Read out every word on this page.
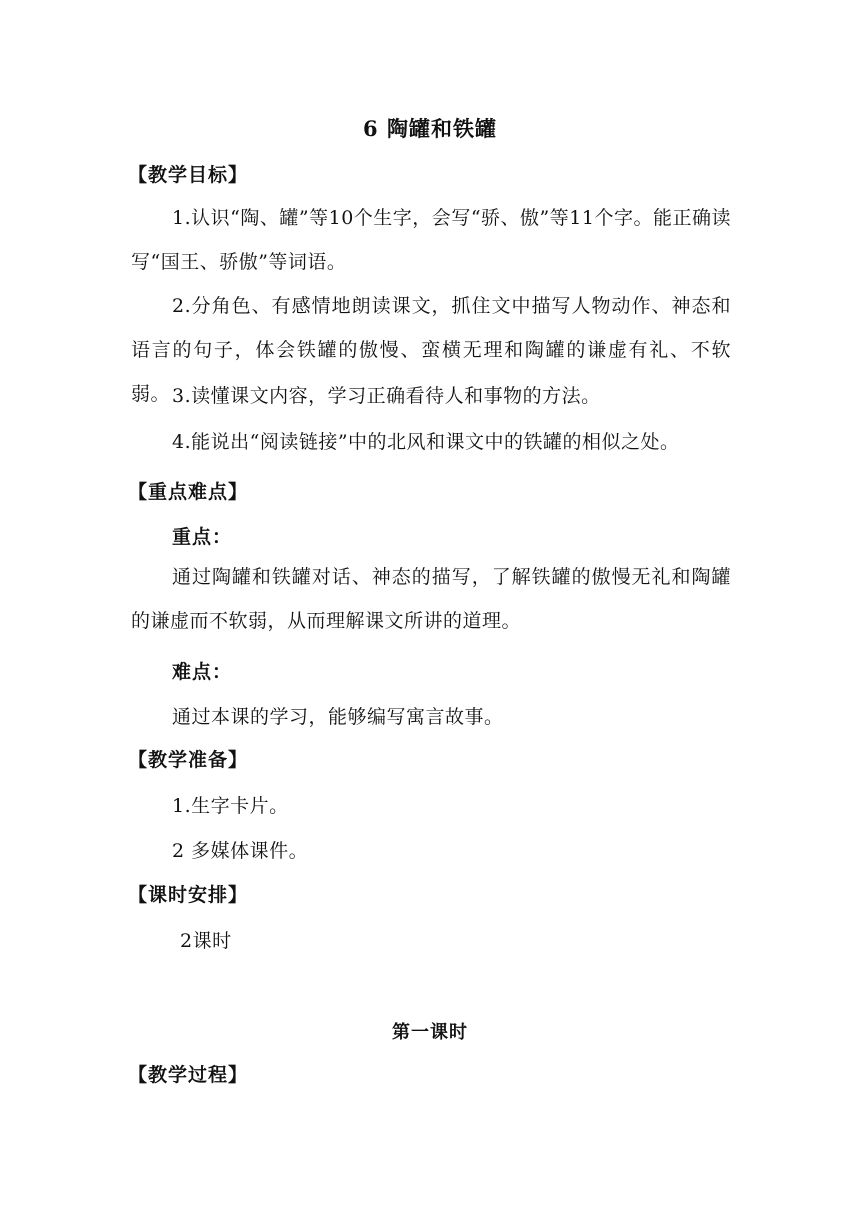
6 陶罐和铁罐
【教学目标】
1.认识“陶、罐”等10个生字，会写“骄、傲”等11个字。能正确读写“国王、骄傲”等词语。
2.分角色、有感情地朗读课文，抓住文中描写人物动作、神态和语言的句子，体会铁罐的傲慢、蛮横无理和陶罐的谦虚有礼、不软弱。 3.读懂课文内容，学习正确看待人和事物的方法。
4.能说出“阅读链接”中的北风和课文中的铁罐的相似之处。
【重点难点】
重点：
通过陶罐和铁罐对话、神态的描写，了解铁罐的傲慢无礼和陶罐的谦虚而不软弱，从而理解课文所讲的道理。
难点：
通过本课的学习，能够编写寓言故事。
【教学准备】
1.生字卡片。
2 多媒体课件。
【课时安排】
2课时
第一课时
【教学过程】
